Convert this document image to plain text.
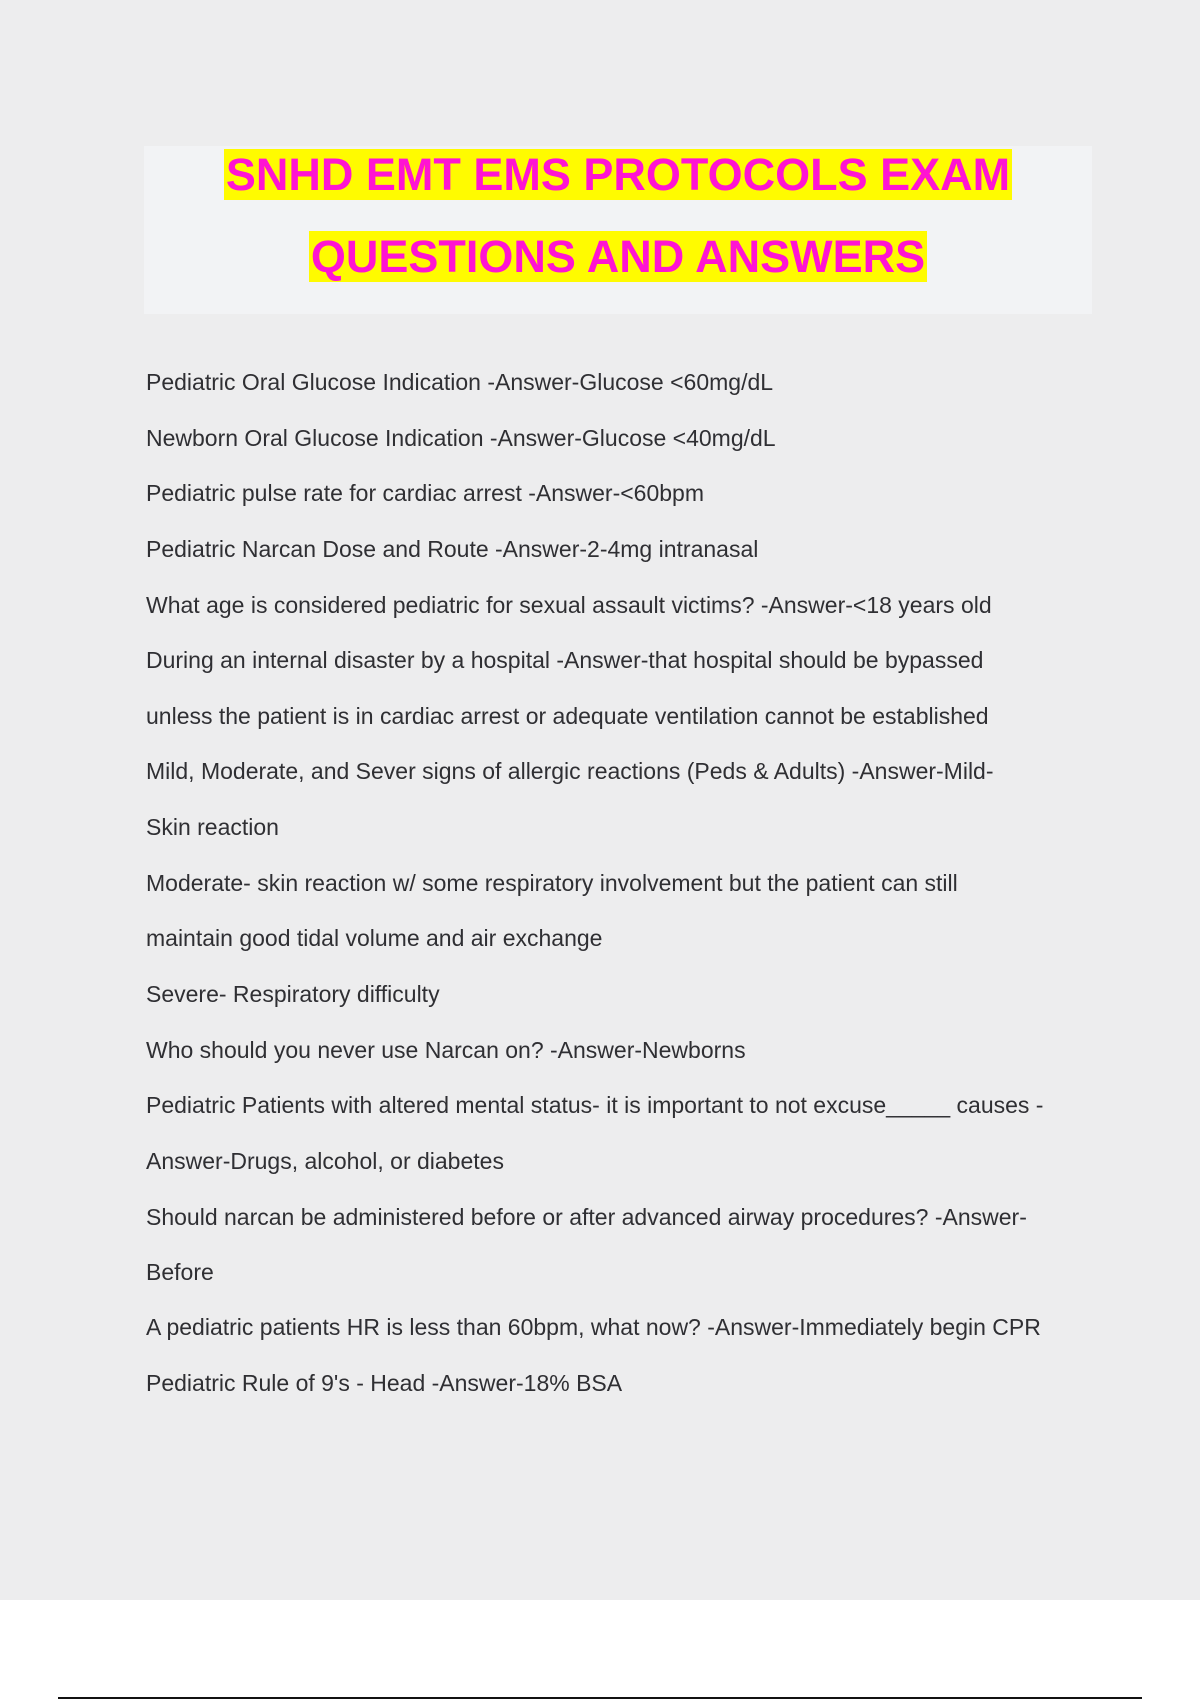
SNHD EMT EMS PROTOCOLS EXAM
QUESTIONS AND ANSWERS
Pediatric Oral Glucose Indication -Answer-Glucose <60mg/dL
Newborn Oral Glucose Indication -Answer-Glucose <40mg/dL
Pediatric pulse rate for cardiac arrest -Answer-<60bpm
Pediatric Narcan Dose and Route -Answer-2-4mg intranasal
What age is considered pediatric for sexual assault victims? -Answer-<18 years old
During an internal disaster by a hospital -Answer-that hospital should be bypassed
unless the patient is in cardiac arrest or adequate ventilation cannot be established
Mild, Moderate, and Sever signs of allergic reactions (Peds & Adults) -Answer-Mild-
Skin reaction
Moderate- skin reaction w/ some respiratory involvement but the patient can still
maintain good tidal volume and air exchange
Severe- Respiratory difficulty
Who should you never use Narcan on? -Answer-Newborns
Pediatric Patients with altered mental status- it is important to not excuse_____ causes -
Answer-Drugs, alcohol, or diabetes
Should narcan be administered before or after advanced airway procedures? -Answer-
Before
A pediatric patients HR is less than 60bpm, what now? -Answer-Immediately begin CPR
Pediatric Rule of 9's - Head -Answer-18% BSA
